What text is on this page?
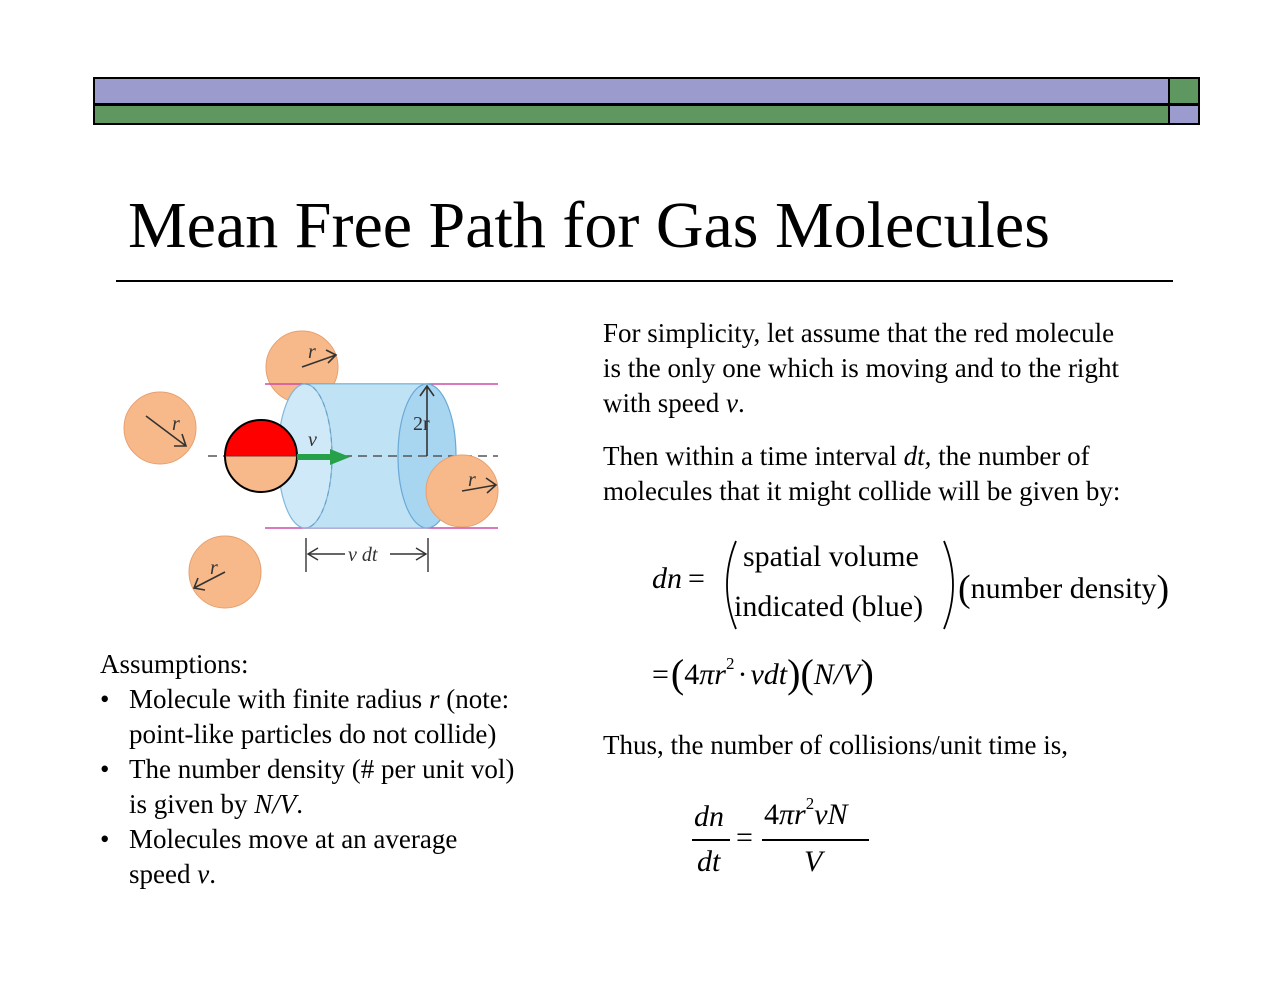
Mean Free Path for Gas Molecules
r
r
r
2r
r
v
v dt
For simplicity, let assume that the red molecule
is the only one which is moving and to the right
with speed v.
Then within a time interval dt, the number of
molecules that it might collide will be given by:
dn =
spatial volume
indicated (blue) (number density)
$=(4\pi r^2 \cdot vdt)(N/V)$
Thus, the number of collisions/unit time is,
dn
dt
=
$4\pi r^2vN$
V
Assumptions:
• Molecule with finite radius r (note:
point-like particles do not collide)
• The number density (# per unit vol)
is given by N/V.
• Molecules move at an average
speed v.
